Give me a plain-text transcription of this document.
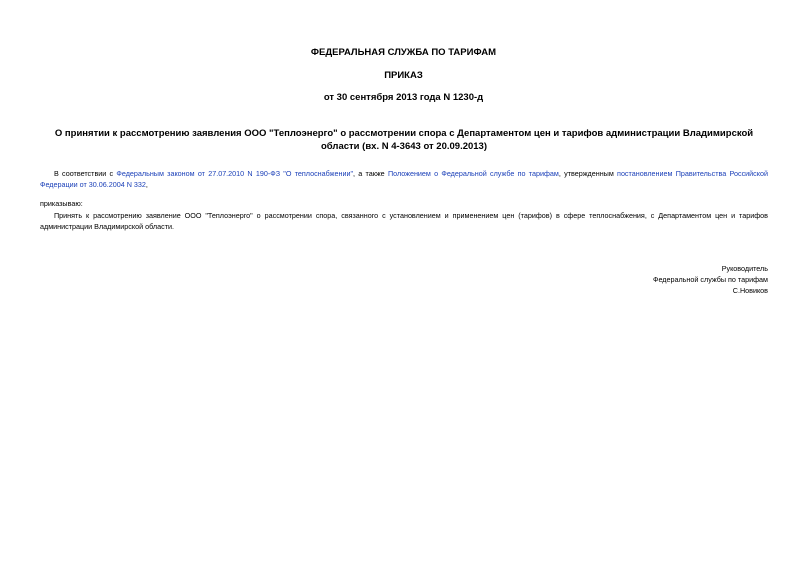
ФЕДЕРАЛЬНАЯ СЛУЖБА ПО ТАРИФАМ
ПРИКАЗ
от 30 сентября 2013 года N 1230-д
О принятии к рассмотрению заявления ООО "Теплоэнерго" о рассмотрении спора с Департаментом цен и тарифов администрации Владимирской области (вх. N 4-3643 от 20.09.2013)
В соответствии с Федеральным законом от 27.07.2010 N 190-ФЗ "О теплоснабжении", а также Положением о Федеральной службе по тарифам, утвержденным постановлением Правительства Российской Федерации от 30.06.2004 N 332,
приказываю:
Принять к рассмотрению заявление ООО "Теплоэнерго" о рассмотрении спора, связанного с установлением и применением цен (тарифов) в сфере теплоснабжения, с Департаментом цен и тарифов администрации Владимирской области.
Руководитель
Федеральной службы по тарифам
С.Новиков
